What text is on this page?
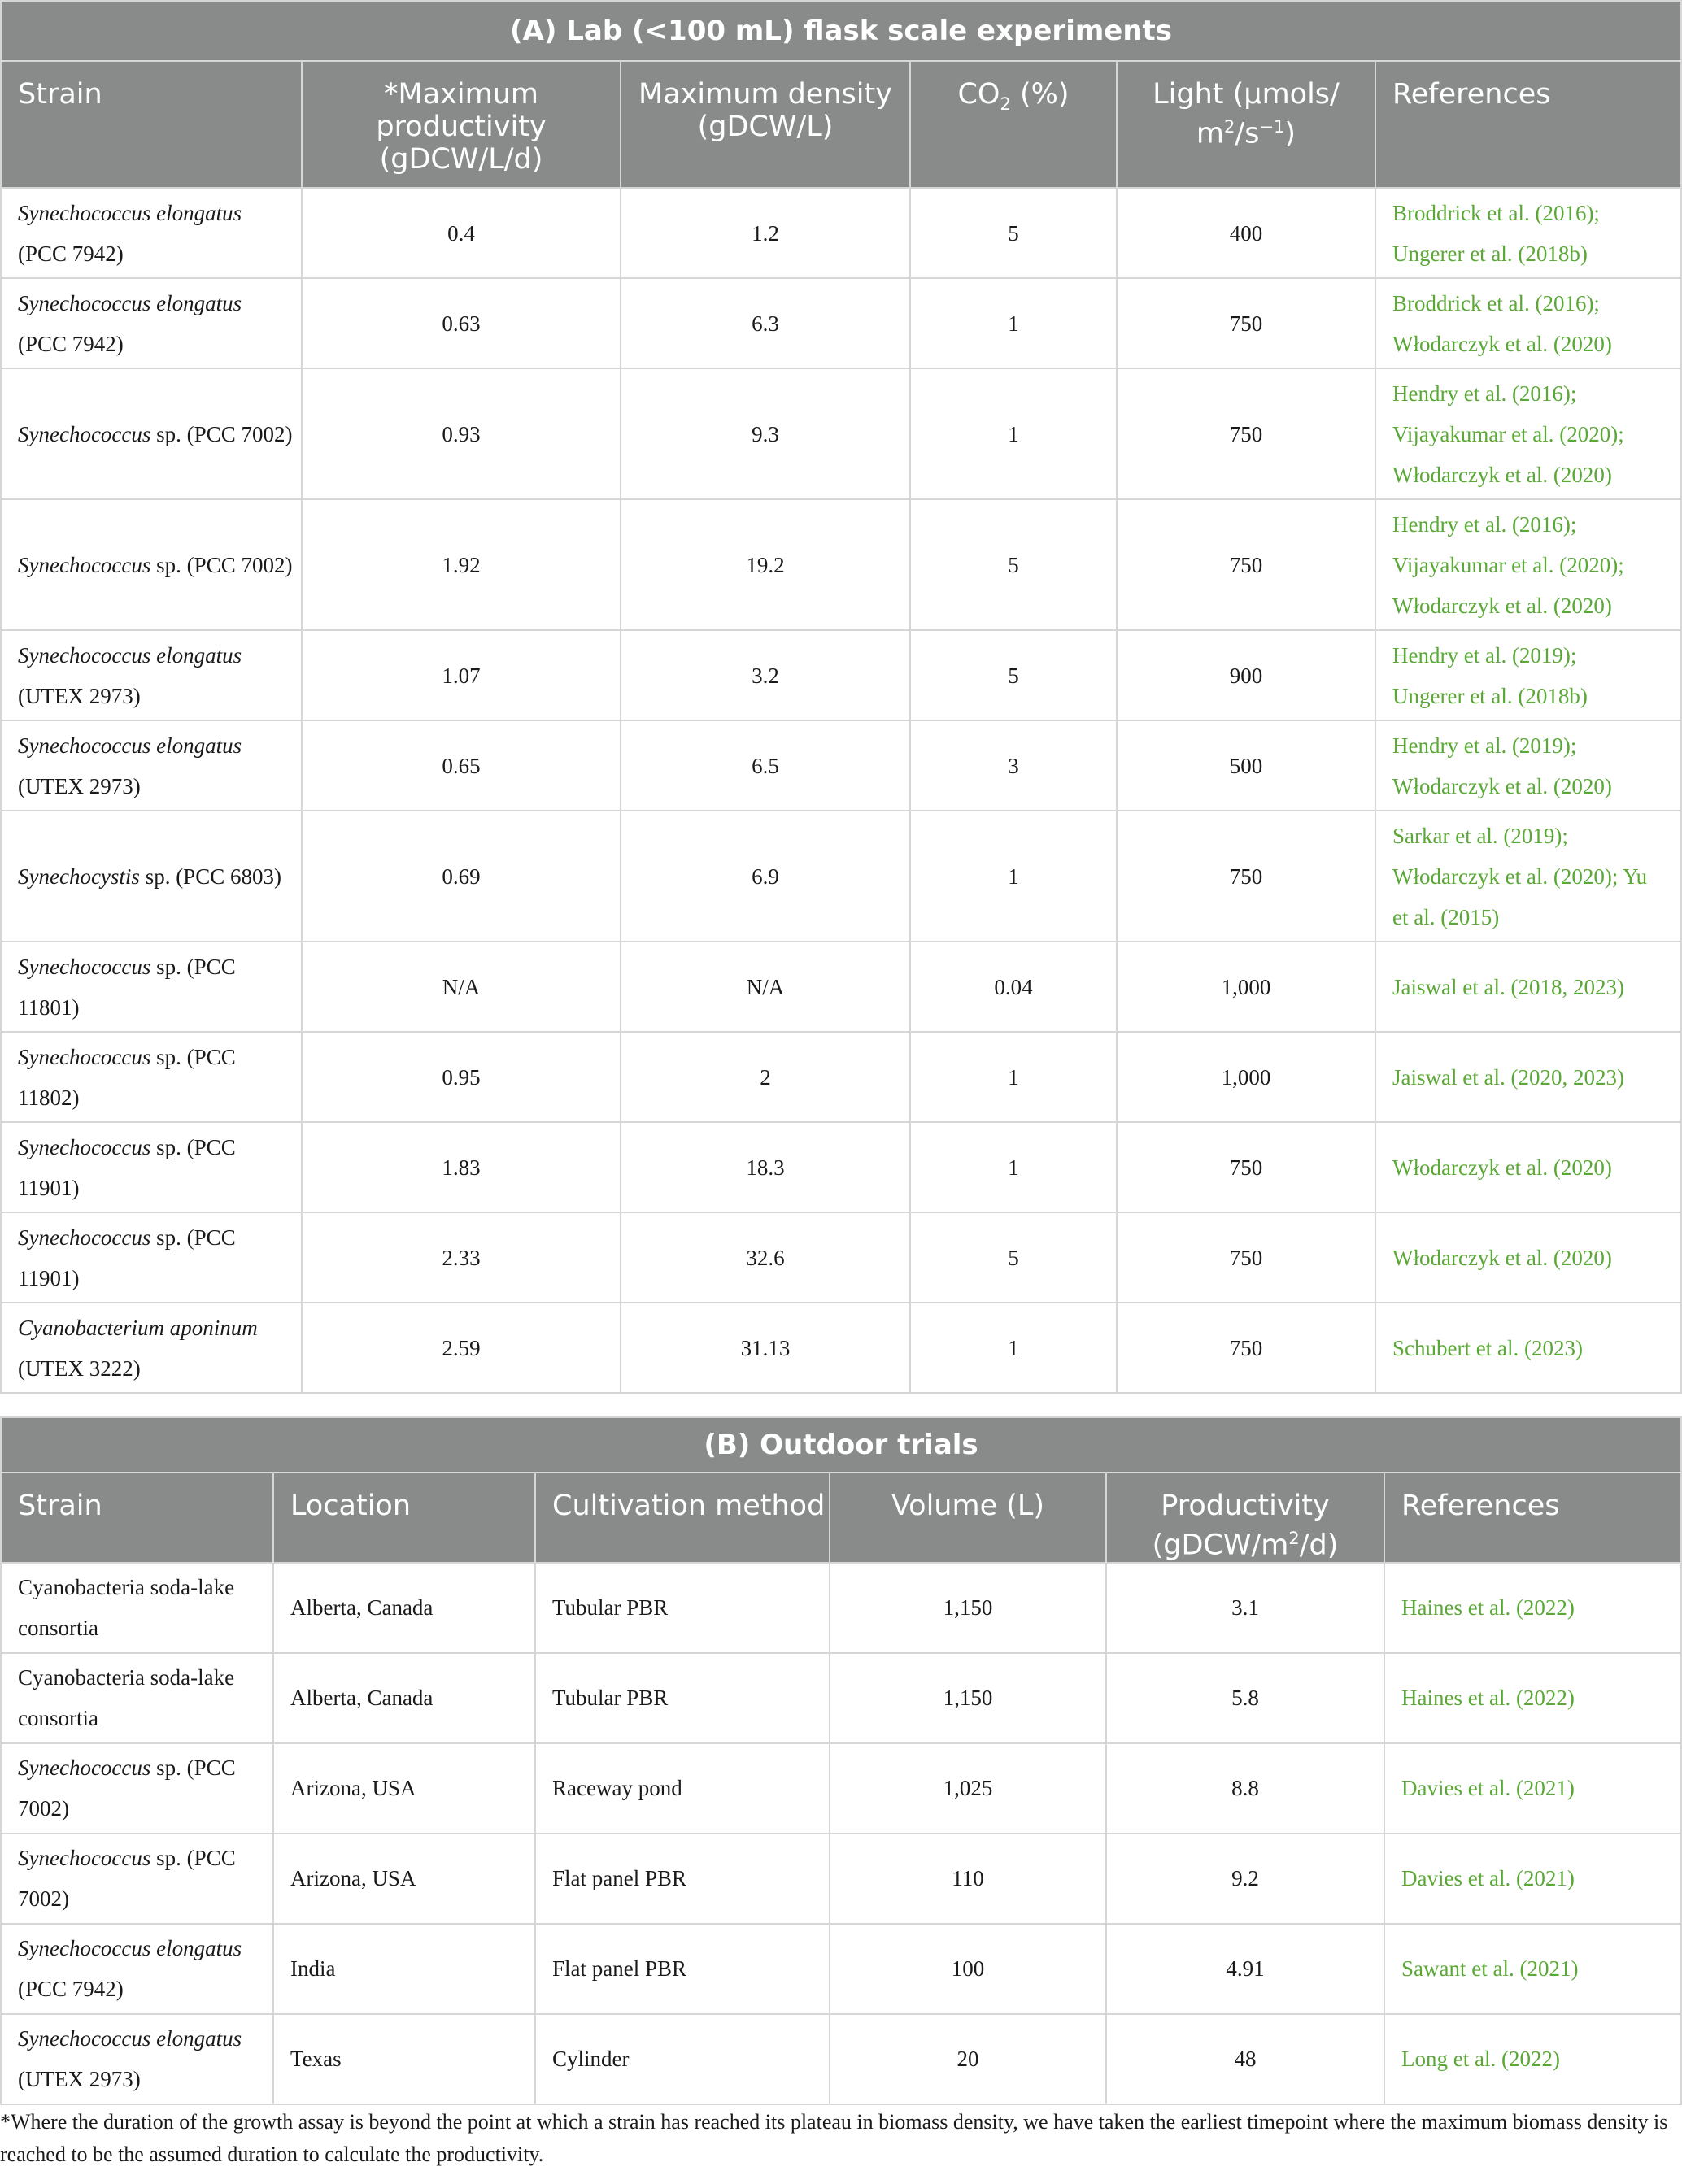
(A) Lab (<100 mL) flask scale experiments					
Strain	*Maximum productivity (gDCW/L/d)	Maximum density (gDCW/L)	$CO_2$ (%)	Light (μmols/
$m^2/s^{-1}$)	References
Synechococcus elongatus (PCC 7942)	0.4	1.2	5	400	Broddrick et al. (2016);
Ungerer et al. (2018b)
Synechococcus elongatus (PCC 7942)	0.63	6.3	1	750	Broddrick et al. (2016);
Włodarczyk et al. (2020)
Synechococcus sp. (PCC 7002)	0.93	9.3	1	750	Hendry et al. (2016);
Vijayakumar et al. (2020);
Włodarczyk et al. (2020)
Synechococcus sp. (PCC 7002)	1.92	19.2	5	750	Hendry et al. (2016);
Vijayakumar et al. (2020);
Włodarczyk et al. (2020)
Synechococcus elongatus (UTEX 2973)	1.07	3.2	5	900	Hendry et al. (2019);
Ungerer et al. (2018b)
Synechococcus elongatus (UTEX 2973)	0.65	6.5	3	500	Hendry et al. (2019);
Włodarczyk et al. (2020)
Synechocystis sp. (PCC 6803)	0.69	6.9	1	750	Sarkar et al. (2019);
Włodarczyk et al. (2020); Yu
et al. (2015)
Synechococcus sp. (PCC 11801)	N/A	N/A	0.04	1,000	Jaiswal et al. (2018, 2023)
Synechococcus sp. (PCC 11802)	0.95	2	1	1,000	Jaiswal et al. (2020, 2023)
Synechococcus sp. (PCC 11901)	1.83	18.3	1	750	Włodarczyk et al. (2020)
Synechococcus sp. (PCC 11901)	2.33	32.6	5	750	Włodarczyk et al. (2020)
Cyanobacterium aponinum (UTEX 3222)	2.59	31.13	1	750	Schubert et al. (2023)
(B) Outdoor trials					
Strain	Location	Cultivation method	Volume (L)	Productivity
$(gDCW/m^2/d)$	References
Cyanobacteria soda-lake consortia	Alberta, Canada	Tubular PBR	1,150	3.1	Haines et al. (2022)
Cyanobacteria soda-lake consortia	Alberta, Canada	Tubular PBR	1,150	5.8	Haines et al. (2022)
Synechococcus sp. (PCC 7002)	Arizona, USA	Raceway pond	1,025	8.8	Davies et al. (2021)
Synechococcus sp. (PCC 7002)	Arizona, USA	Flat panel PBR	110	9.2	Davies et al. (2021)
Synechococcus elongatus (PCC 7942)	India	Flat panel PBR	100	4.91	Sawant et al. (2021)
Synechococcus elongatus (UTEX 2973)	Texas	Cylinder	20	48	Long et al. (2022)
*Where the duration of the growth assay is beyond the point at which a strain has reached its plateau in biomass density, we have taken the earliest timepoint where the maximum biomass density is reached to be the assumed duration to calculate the productivity.
